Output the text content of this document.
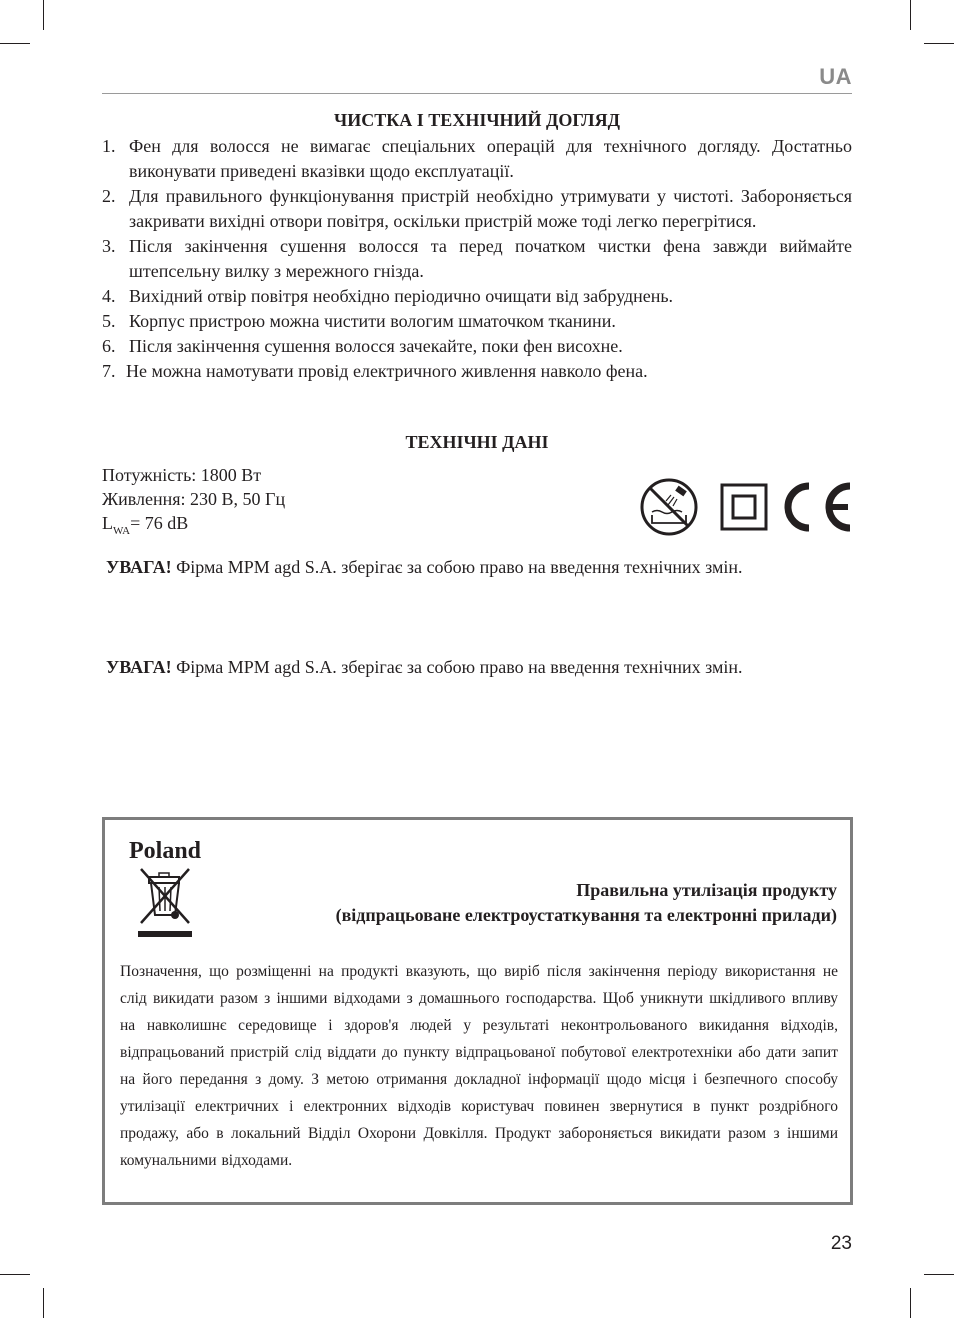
UA
ЧИСТКА І ТЕХНІЧНИЙ ДОГЛЯД
1. Фен для волосся не вимагає спеціальних операцій для технічного догляду. Достатньо виконувати приведені вказівки щодо експлуатації.
2. Для правильного функціонування пристрій необхідно утримувати у чистоті. Забороняється закривати вихідні отвори повітря, оскільки пристрій може тоді легко перегрітися.
3. Після закінчення сушення волосся та перед початком чистки фена завжди виймайте штепсельну вилку з мережного гнізда.
4. Вихідний отвір повітря необхідно періодично очищати від забруднень.
5. Корпус пристрою можна чистити вологим шматочком тканини.
6. Після закінчення сушення волосся зачекайте, поки фен висохне.
7. Не можна намотувати провід електричного живлення навколо фена.
ТЕХНІЧНІ ДАНІ
Потужність: 1800 Вт
Живлення: 230 В, 50 Гц
$L_{WA}= 76$ dB
УВАГА! Фірма MPM agd S.A. зберігає за собою право на введення технічних змін.
УВАГА! Фірма MPM agd S.A. зберігає за собою право на введення технічних змін.
Poland
Правильна утилізація продукту
(відпрацьоване електроустаткування та електронні прилади)
Позначення, що розміщенні на продукті вказують, що виріб після закінчення періоду використання не слід викидати разом з іншими відходами з домашнього господарства. Щоб уникнути шкідливого впливу на навколишнє середовище і здоров'я людей у результаті неконтрольованого викидання відходів, відпрацьований пристрій слід віддати до пункту відпрацьованої побутової електротехніки або дати запит на його передання з дому. З метою отримання докладної інформації щодо місця і безпечного способу утилізації електричних і електронних відходів користувач повинен звернутися в пункт роздрібного продажу, або в локальний Відділ Охорони Довкілля. Продукт забороняється викидати разом з іншими комунальними відходами.
23
